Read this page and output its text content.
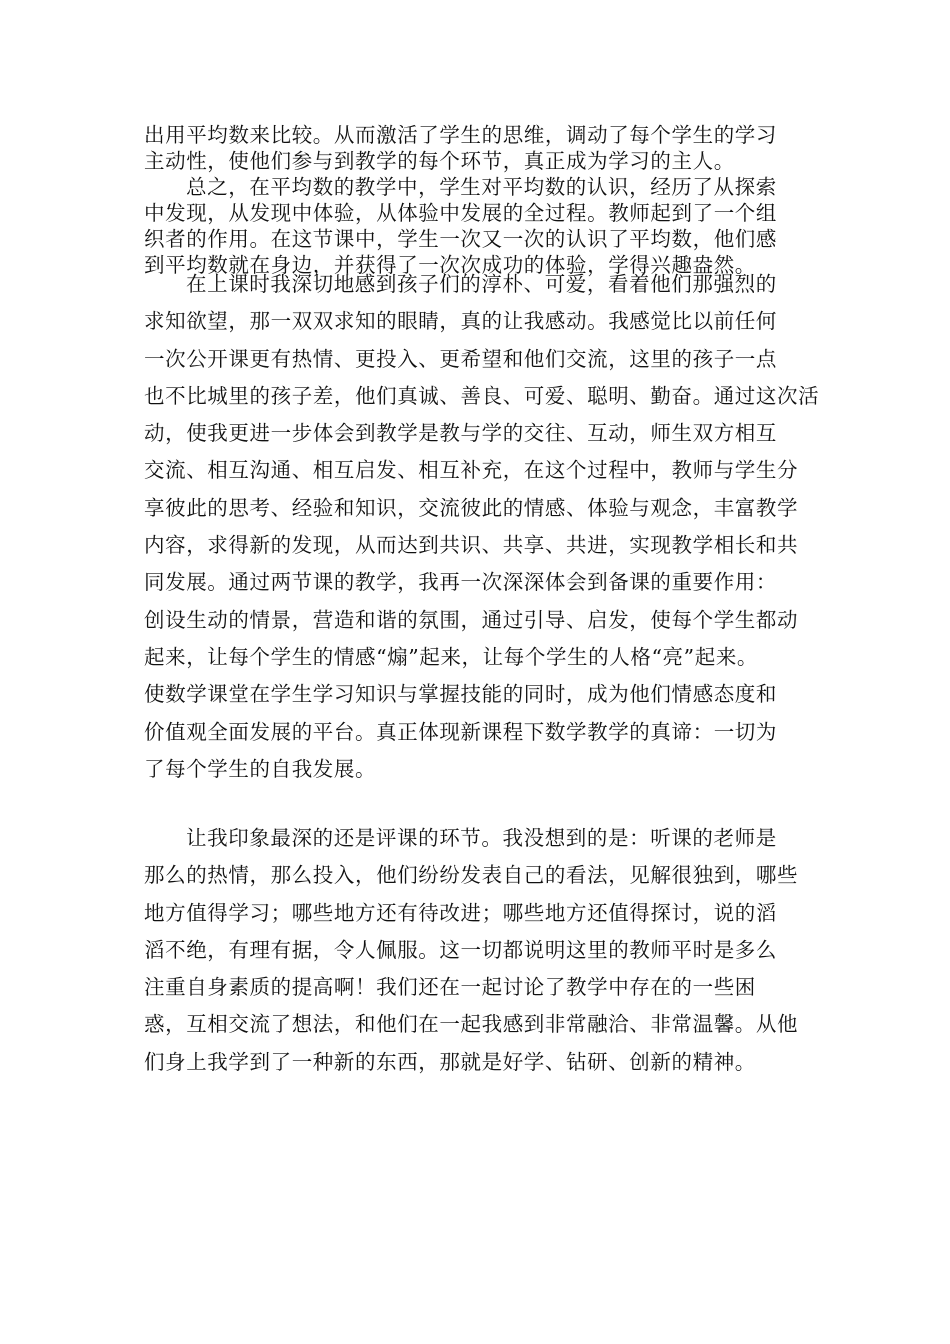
出用平均数来比较。从而激活了学生的思维，调动了每个学生的学习
主动性，使他们参与到教学的每个环节，真正成为学习的主人。
总之，在平均数的教学中，学生对平均数的认识，经历了从探索
中发现，从发现中体验，从体验中发展的全过程。教师起到了一个组
织者的作用。在这节课中，学生一次又一次的认识了平均数，他们感
到平均数就在身边，并获得了一次次成功的体验，学得兴趣盎然。
在上课时我深切地感到孩子们的淳朴、可爱，看着他们那强烈的
求知欲望，那一双双求知的眼睛，真的让我感动。我感觉比以前任何
一次公开课更有热情、更投入、更希望和他们交流，这里的孩子一点
也不比城里的孩子差，他们真诚、善良、可爱、聪明、勤奋。通过这次活
动，使我更进一步体会到教学是教与学的交往、互动，师生双方相互
交流、相互沟通、相互启发、相互补充，在这个过程中，教师与学生分
享彼此的思考、经验和知识，交流彼此的情感、体验与观念，丰富教学
内容，求得新的发现，从而达到共识、共享、共进，实现教学相长和共
同发展。通过两节课的教学，我再一次深深体会到备课的重要作用：
创设生动的情景，营造和谐的氛围，通过引导、启发，使每个学生都动
起来，让每个学生的情感“煽”起来，让每个学生的人格“亮”起来。
使数学课堂在学生学习知识与掌握技能的同时，成为他们情感态度和
价值观全面发展的平台。真正体现新课程下数学教学的真谛：一切为
了每个学生的自我发展。
让我印象最深的还是评课的环节。我没想到的是：听课的老师是
那么的热情，那么投入，他们纷纷发表自己的看法，见解很独到，哪些
地方值得学习；哪些地方还有待改进；哪些地方还值得探讨，说的滔
滔不绝，有理有据，令人佩服。这一切都说明这里的教师平时是多么
注重自身素质的提高啊！我们还在一起讨论了教学中存在的一些困
惑，互相交流了想法，和他们在一起我感到非常融洽、非常温馨。从他
们身上我学到了一种新的东西，那就是好学、钻研、创新的精神。
